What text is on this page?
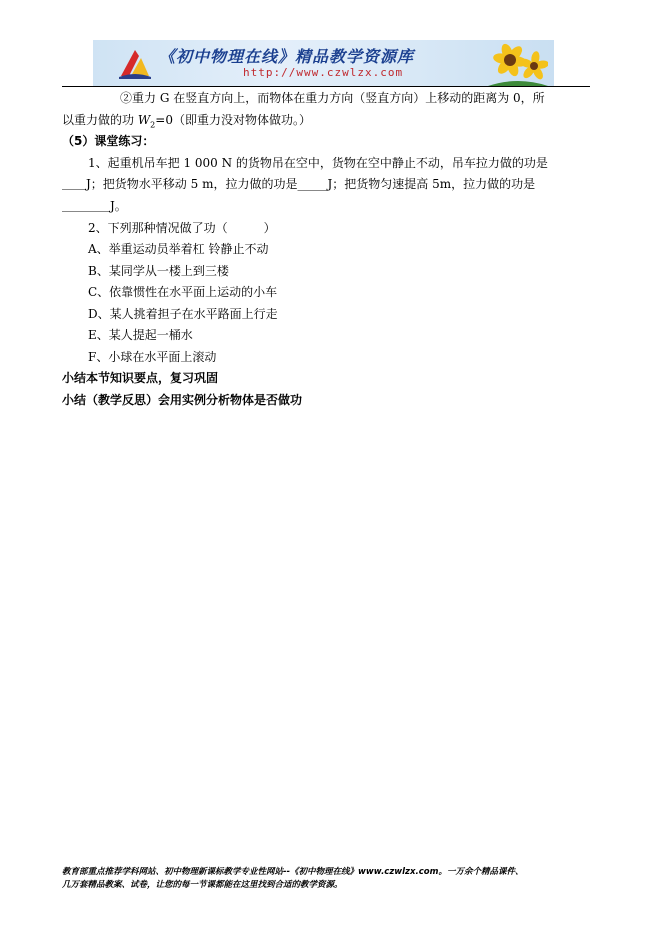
《初中物理在线》精品教学资源库
http://www.czwlzx.com
②重力 G 在竖直方向上，而物体在重力方向（竖直方向）上移动的距离为 0，所
以重力做的功 $W_2=0$（即重力没对物体做功。）
（5）课堂练习：
1、起重机吊车把 1 000 N 的货物吊在空中，货物在空中静止不动，吊车拉力做的功是
＿＿J；把货物水平移动 5 m，拉力做的功是_____J；把货物匀速提高 5m，拉力做的功是
＿＿＿＿J。
2、下列那种情况做了功（　　　）
A、举重运动员举着杠 铃静止不动
B、某同学从一楼上到三楼
C、依靠惯性在水平面上运动的小车
D、某人挑着担子在水平路面上行走
E、某人提起一桶水
F、小球在水平面上滚动
小结本节知识要点，复习巩固
小结（教学反思）会用实例分析物体是否做功
教育部重点推荐学科网站、初中物理新课标教学专业性网站--《初中物理在线》www.czwlzx.com。一万余个精品课件、
几万套精品教案、试卷，让您的每一节课都能在这里找到合适的教学资源。
